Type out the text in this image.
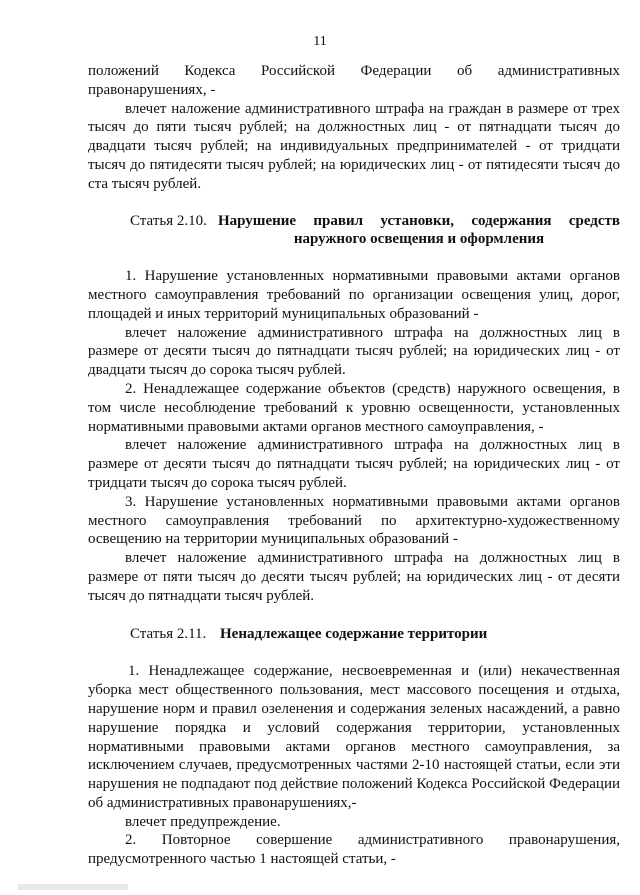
11

положений Кодекса Российской Федерации об административных правонарушениях, -

влечет наложение административного штрафа на граждан в размере от трех тысяч до пяти тысяч рублей; на должностных лиц - от пятнадцати тысяч до двадцати тысяч рублей; на индивидуальных предпринимателей - от тридцати тысяч до пятидесяти тысяч рублей; на юридических лиц - от пятидесяти тысяч до ста тысяч рублей.

Статья 2.10. Нарушение правил установки, содержания средств наружного освещения и оформления

1. Нарушение установленных нормативными правовыми актами органов местного самоуправления требований по организации освещения улиц, дорог, площадей и иных территорий муниципальных образований -

влечет наложение административного штрафа на должностных лиц в размере от десяти тысяч до пятнадцати тысяч рублей; на юридических лиц - от двадцати тысяч до сорока тысяч рублей.

2. Ненадлежащее содержание объектов (средств) наружного освещения, в том числе несоблюдение требований к уровню освещенности, установленных нормативными правовыми актами органов местного самоуправления, -

влечет наложение административного штрафа на должностных лиц в размере от десяти тысяч до пятнадцати тысяч рублей; на юридических лиц - от тридцати тысяч до сорока тысяч рублей.

3. Нарушение установленных нормативными правовыми актами органов местного самоуправления требований по архитектурно-художественному освещению на территории муниципальных образований -

влечет наложение административного штрафа на должностных лиц в размере от пяти тысяч до десяти тысяч рублей; на юридических лиц - от десяти тысяч до пятнадцати тысяч рублей.

Статья 2.11. Ненадлежащее содержание территории

1. Ненадлежащее содержание, несвоевременная и (или) некачественная уборка мест общественного пользования, мест массового посещения и отдыха, нарушение норм и правил озеленения и содержания зеленых насаждений, а равно нарушение порядка и условий содержания территории, установленных нормативными правовыми актами органов местного самоуправления, за исключением случаев, предусмотренных частями 2-10 настоящей статьи, если эти нарушения не подпадают под действие положений Кодекса Российской Федерации об административных правонарушениях,-

влечет предупреждение.

2. Повторное совершение административного правонарушения, предусмотренного частью 1 настоящей статьи, -
